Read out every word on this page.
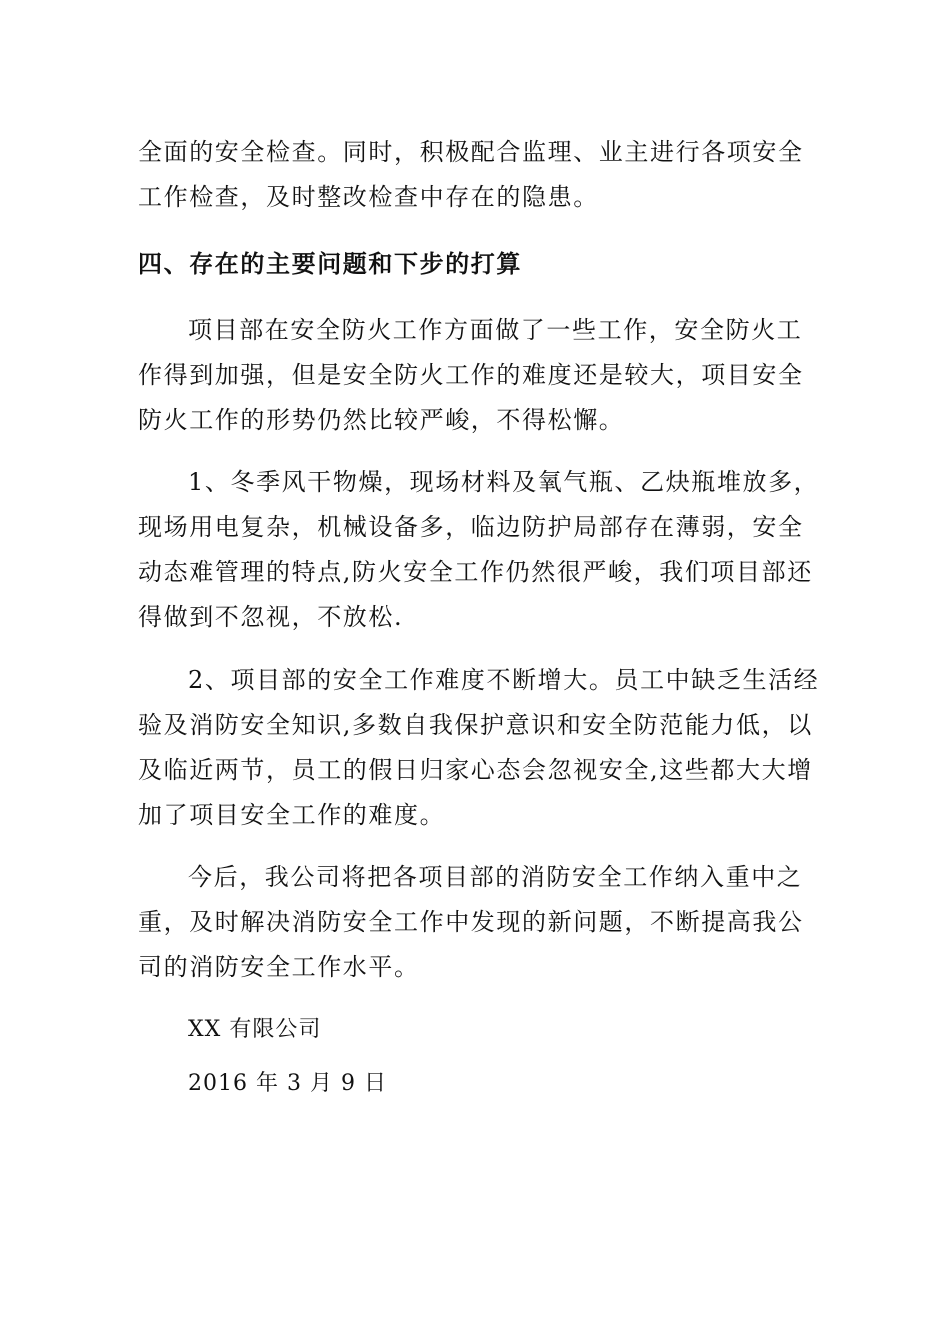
全面的安全检查。同时，积极配合监理、业主进行各项安全
工作检查，及时整改检查中存在的隐患。
四、存在的主要问题和下步的打算
项目部在安全防火工作方面做了一些工作，安全防火工
作得到加强，但是安全防火工作的难度还是较大，项目安全
防火工作的形势仍然比较严峻，不得松懈。
1、冬季风干物燥，现场材料及氧气瓶、乙炔瓶堆放多，
现场用电复杂，机械设备多，临边防护局部存在薄弱，安全
动态难管理的特点,防火安全工作仍然很严峻，我们项目部还
得做到不忽视，不放松.
2、项目部的安全工作难度不断增大。员工中缺乏生活经
验及消防安全知识,多数自我保护意识和安全防范能力低，以
及临近两节，员工的假日归家心态会忽视安全,这些都大大增
加了项目安全工作的难度。
今后，我公司将把各项目部的消防安全工作纳入重中之
重，及时解决消防安全工作中发现的新问题，不断提高我公
司的消防安全工作水平。
XX 有限公司
2016 年 3 月 9 日
